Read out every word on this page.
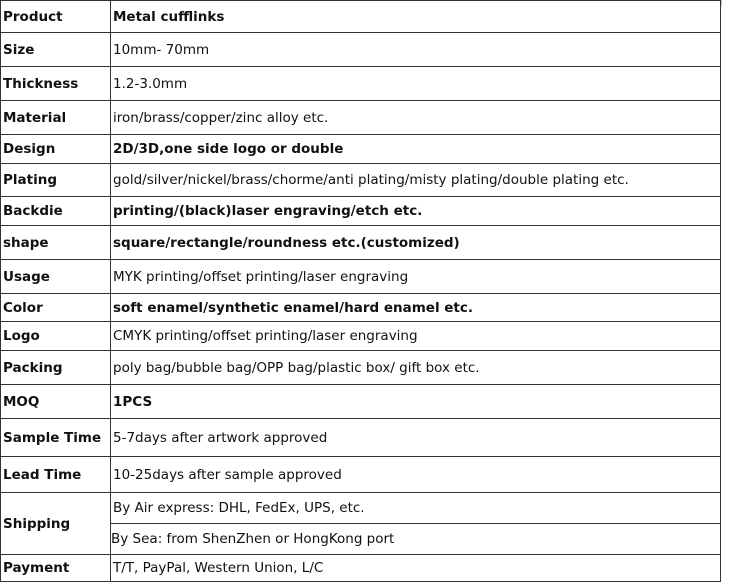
Product	Metal cufflinks
Size	10mm- 70mm
Thickness	1.2-3.0mm
Material	iron/brass/copper/zinc alloy etc.
Design	2D/3D,one side logo or double
Plating	gold/silver/nickel/brass/chorme/anti plating/misty plating/double plating etc.
Backdie	printing/(black)laser engraving/etch etc.
shape	square/rectangle/roundness etc.(customized)
Usage	MYK printing/offset printing/laser engraving
Color	soft enamel/synthetic enamel/hard enamel etc.
Logo	CMYK printing/offset printing/laser engraving
Packing	poly bag/bubble bag/OPP bag/plastic box/ gift box etc.
MOQ	1PCS
Sample Time	5-7days after artwork approved
Lead Time	10-25days after sample approved
Shipping	By Air express: DHL, FedEx, UPS, etc.
By Sea: from ShenZhen or HongKong port

Payment	T/T, PayPal, Western Union, L/C
